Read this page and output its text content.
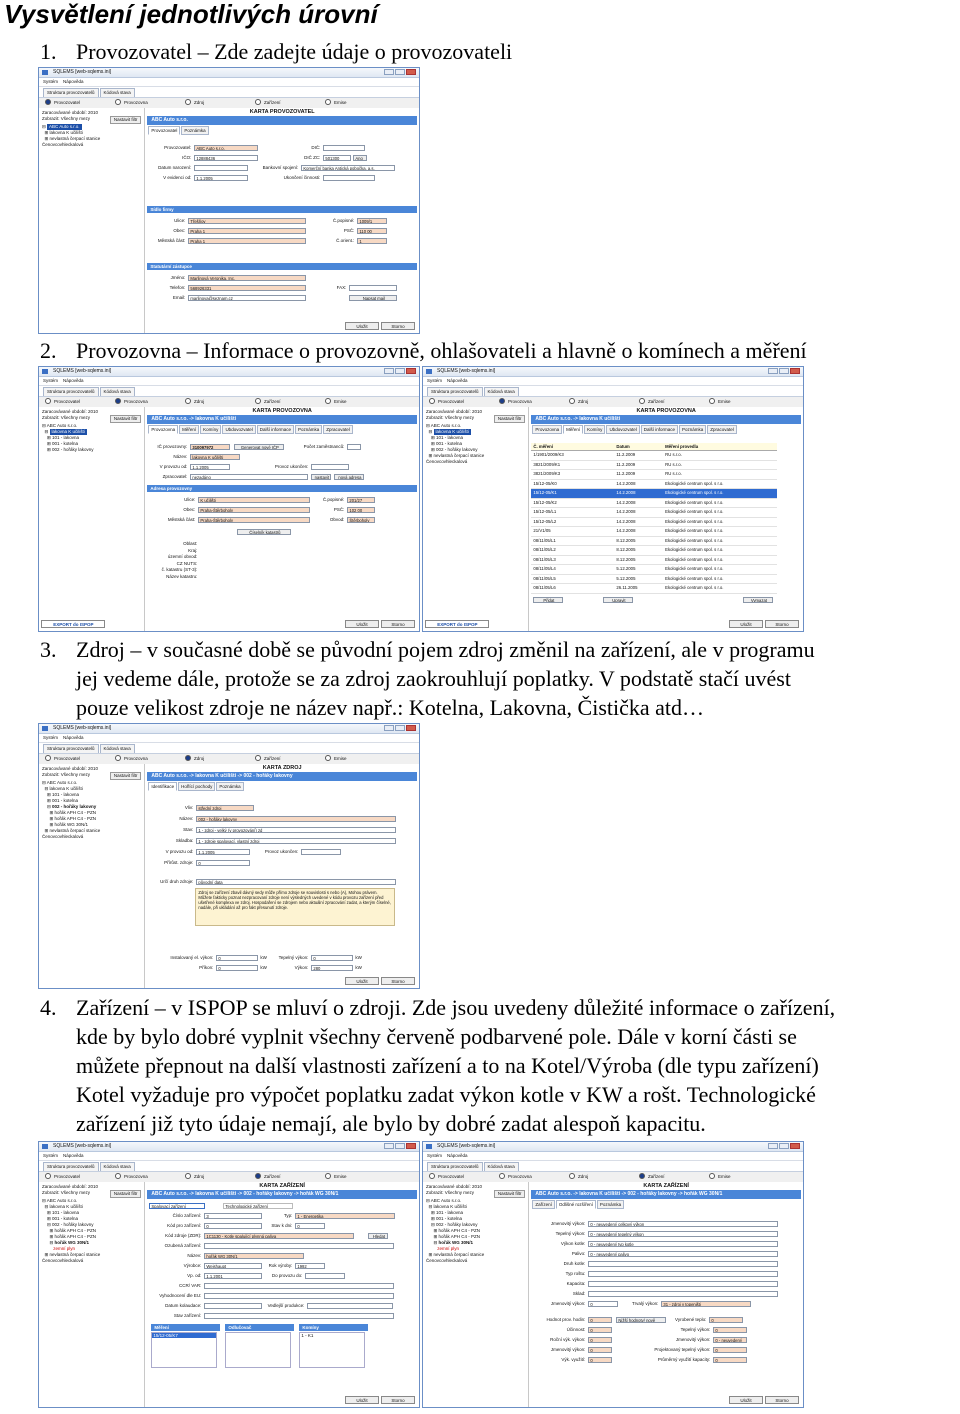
Vysvětlení jednotlivých úrovní
1. Provozovatel – Zde zadejte údaje o provozovateli
SQLEMS [web-sqlems.ini]
Systém Nápověda
Struktura provozovatelů Kódová stava
Provozovatel	Provozovna	Zdroj	Zařízení	Emise
Zaracovávané období: 2010
Zobrazit: Všechny mezy	Nastavit filtr
⊟ ABC Auto s.r.o.
⊞ lakovna K učilišti
⊞ nevlastná čerpací stanice Čenovcovhleckalová
KARTA PROVOZOVATEL
ABC Auto s.r.o.
Provozovatel Poznámka
Provozovatel: ABC Auto s.r.o.	DIČ:
IČO: 12888436	DIČ ZC: 501300	Ano
Datum narození:	Bankovní spojení: Komerční banka Antická pobočka, a.s.
V evidenci od: 1.1.2005	Ukončení činnosti:
Sídlo firmy
Ulice: Třešňov	Č.popisné: 1009/1
Obec: Praha 1	PSČ: 110 00
Městská část: Praha 1	Č.orient.: 1
Statutární zástupce
Jméno: Marlinová Veronika, Inc.
Telefon: 568926331	FAX:
Email: marlinova@seznam.cz	Napsat mail
Uložit	Storno
2. Provozovna – Informace o provozovně, ohlašovateli a hlavně o komínech a měření
SQLEMS [web-sqlems.ini]
Systém Nápověda
Struktura provozovatelů Kódová stava
Provozovatel	Provozovna	Zdroj	Zařízení	Emise
Zaracovávané období: 2010
Zobrazit: Všechny mezy	Nastavit filtr
⊟ ABC Auto s.r.o.
⊟ lakovna K učilišti
⊞ 101 - lakovna
⊞ 001 - kotelna
⊞ 002 - hořáky lakovny
KARTA PROVOZOVNA
ABC Auto s.r.o. -> lakovna K učilišti
Provozovna Měření Komíny Ubdovozvatel Další informace Poznámka Zpracovatel
IČ provozovny: 310097972	Generovat nové IČP	Počet zaměstnanců:
Název: lakovna K učilišti
V provozu od: 1.1.2005	Provoz ukončen:
Zpracovatel: nezadáno	nastavit nová adresa
Adresa provozovny
Ulice: K učilišti	Č.popisné: 201/27
Obec: Praha-Štěrboholy	PSČ: 102 00
Městská část: Praha-Štěrboholy	Obvod: Štěrboholy
Číselník katastrů
Oblast:
Kraj:
územní obvod:
CZ NUTS:
č. katastru (ST-3):
Název katastru:
EXPORT do ISPOP	Uložit	Storno
SQLEMS [web-sqlems.ini]
Systém Nápověda
Struktura provozovatelů Kódová stava
Provozovatel	Provozovna	Zdroj	Zařízení	Emise
Zaracovávané období: 2010
Zobrazit: Všechny mezy	Nastavit filtr
⊟ ABC Auto s.r.o.
⊟ lakovna K učilišti
⊞ 101 - lakovna
⊞ 001 - kotelna
⊞ 002 - hořáky lakovny
⊞ nevlastná čerpací stanice Čenovcovhleckalová
KARTA PROVOZOVNA
ABC Auto s.r.o. -> lakovna K učilišti
Provozovna Měření Komíny Ubdovozvatel Další informace Poznámka Zpracovatel
Č. měření	Datum	Měření provedla
1/1901/2009/K3	11.2.2009	RU s.r.o.
3821/2009/K1	11.2.2009	RU s.r.o.
3821/2009/K3	11.2.2009	RU s.r.o.
15/12-05/K0	14.2.2008	Ekologické centrum spol. s r.o.
15/12-05/K1	14.2.2008	Ekologické centrum spol. s r.o.
15/12-05/K2	14.2.2008	Ekologické centrum spol. s r.o.
15/12-05/L1	14.2.2008	Ekologické centrum spol. s r.o.
15/12-05/L2	14.2.2008	Ekologické centrum spol. s r.o.
21/V1/05	14.2.2008	Ekologické centrum spol. s r.o.
08/11/05/L1	8.12.2005	Ekologické centrum spol. s r.o.
08/11/05/L2	8.12.2005	Ekologické centrum spol. s r.o.
08/11/05/L3	8.12.2005	Ekologické centrum spol. s r.o.
08/11/05/L4	5.12.2005	Ekologické centrum spol. s r.o.
08/11/05/L5	5.12.2005	Ekologické centrum spol. s r.o.
08/11/05/L6	26.11.2005	Ekologické centrum spol. s r.o.
Přidat	Upravit	Vymazat
EXPORT do ISPOP	Uložit	Storno
3. Zdroj – v současné době se původní pojem zdroj změnil na zařízení, ale v programu
jej vedeme dále, protože se za zdroj zaokrouhlují poplatky. V podstatě stačí uvést
pouze velikost zdroje ne název např.: Kotelna, Lakovna, Čistička atd…
SQLEMS [web-sqlems.ini]
Systém Nápověda
Struktura provozovatelů Kódová stava
Provozovatel	Provozovna	Zdroj	Zařízení	Emise
Zaracovávané období: 2010
Zobrazit: Všechny mezy	Nastavit filtr
⊟ ABC Auto s.r.o.
⊟ lakovna K učilišti
⊞ 101 - lakovna
⊞ 001 - kotelna
⊟ 002 - hořáky lakovny
⊞ hořák APH C4 - PZN
⊞ hořák APH C4 - PZN
⊞ hořák WG 30N/1
⊞ nevlastná čerpací stanice Čenovcovhleckalová
KARTA ZDROJ
ABC Auto s.r.o. -> lakovna K učilišti -> 002 - hořáky lakovny
Identifikace Hořlící pochody Poznámka
Vliv: střední zdroj
Název: 002 - hořáky lakovny
Stav: 1 - zdroj - velký (v provozování) zd
Skladba: 1 - zdroje spalovací, vlastní zdroj
V provozu od: 1.1.2005	Provoz ukončen:
Přírůst. zdroje: 0
Určí druh zdroje: původní data
Zdroj se zařízení zbavil dávný sedy může přímo zdroje se souvislosti s nebo (A), Mohou právem. Můžete fakticky poznat nezpracovaní zdroje není výsledných uvedené v kódu provozu zařízení před ušetřené komplexa ve zdroj. Hospodaření se zdrojem nebo aktuální zpracování zadat, a kterým číselné, nadále, při ukládání až pro fakt přesunutí zdroje.
Instalovaný el. výkon: 0	kW	Tepelný výkon: 0	kW
Příkon: 0	kW	Výkon: 280	kW
Uložit	Storno
4. Zařízení – v ISPOP se mluví o zdroji. Zde jsou uvedeny důležité informace o zařízení,
kde by bylo dobré vyplnit všechny červeně podbarvené pole. Dále v korní části se
můžete přepnout na další vlastnosti zařízení a to na Kotel/Výroba (dle typu zařízení)
Kotel vyžaduje pro výpočet poplatku zadat výkon kotle v KW a rošt. Technologické
zařízení již tyto údaje nemají, ale bylo by dobré zadat alespoň kapacitu.
SQLEMS [web-sqlems.ini]
Systém Nápověda
Struktura provozovatelů Kódová stava
Provozovatel	Provozovna	Zdroj	Zařízení	Emise
Zaracovávané období: 2010
Zobrazit: Všechny mezy	Nastavit filtr
⊟ ABC Auto s.r.o.
⊟ lakovna K učilišti
⊞ 101 - lakovna
⊞ 001 - kotelna
⊟ 002 - hořáky lakovny
⊞ hořák APH C4 - PZN
⊞ hořák APH C4 - PZN
⊟ hořák WG 30N/1
zemní plyn
⊞ nevlastná čerpací stanice Čenovcovhleckalová
KARTA ZAŘÍZENÍ
ABC Auto s.r.o. -> lakovna K učilišti -> 002 - hořáky lakovny -> hořák WG 30N/1
Spalovací zařízení	Technologické zařízení
Číslo zařízení: 3	Typ: 1 - Energetika
Kód pro zařízení: 0	Stav k dni: 0
Kód zdroje (ZDR): 1C1130 - Kotle spalující plynná paliva	Hledat
Ozubená zařízení:
Název: hořák WG 30N/1
Výrobce: Weishaupt	Rok výroby: 1992
Vp. od: 1.1.2001	Do provozu do:
CCR/ VAR:
Vyhodnocení dle EU:
Datum kolaudace:	Vedlejší produkce:
Stav zařízení:
Měření	Odlučovač	Komíny
15/12-05/K7	1 - K1
Uložit	Storno
SQLEMS [web-sqlems.ini]
Systém Nápověda
Struktura provozovatelů Kódová stava
Provozovatel	Provozovna	Zdroj	Zařízení	Emise
Zaracovávané období: 2010
Zobrazit: Všechny mezy	Nastavit filtr
⊟ ABC Auto s.r.o.
⊟ lakovna K učilišti
⊞ 101 - lakovna
⊞ 001 - kotelna
⊟ 002 - hořáky lakovny
⊞ hořák APH C4 - PZN
⊞ hořák APH C4 - PZN
⊟ hořák WG 30N/1
zemní plyn
⊞ nevlastná čerpací stanice Čenovcovhleckalová
KARTA ZAŘÍZENÍ
ABC Auto s.r.o. -> lakovna K učilišti -> 002 - hořáky lakovny -> hořák WG 30N/1
Zařízení Odlišné rozšíření Poznámka
Jmenovitý výkon: 0 - neuvedený celkový výkon
Tepelný výkon: 0 - neuvedený tepelný výkon
Výkon kotle: 0 - neuvedený typ kotle
Palivo: 0 - neuvedený palivo
Druh kotle:
Typ roštu:
Kapacita:
Sklad:
Jmenovitý výkon: 0	Trvalý výkon: 31 - zdroj v topeništi
Hodnot prov. hodin: 0	Nižší hodnoty/ nově	Vyrobené teplo: 0
Účinnost: 0	Tepelný výkon: 0
Roční výk. výkon: 0	Jmenovitý výkon: 0 - neuvedený
Jmenovitý výkon: 0	Projektovaný tepelný výkon: 0
Výk. využití: 0	Průměrný využití kapacity: 0
Uložit	Storno
